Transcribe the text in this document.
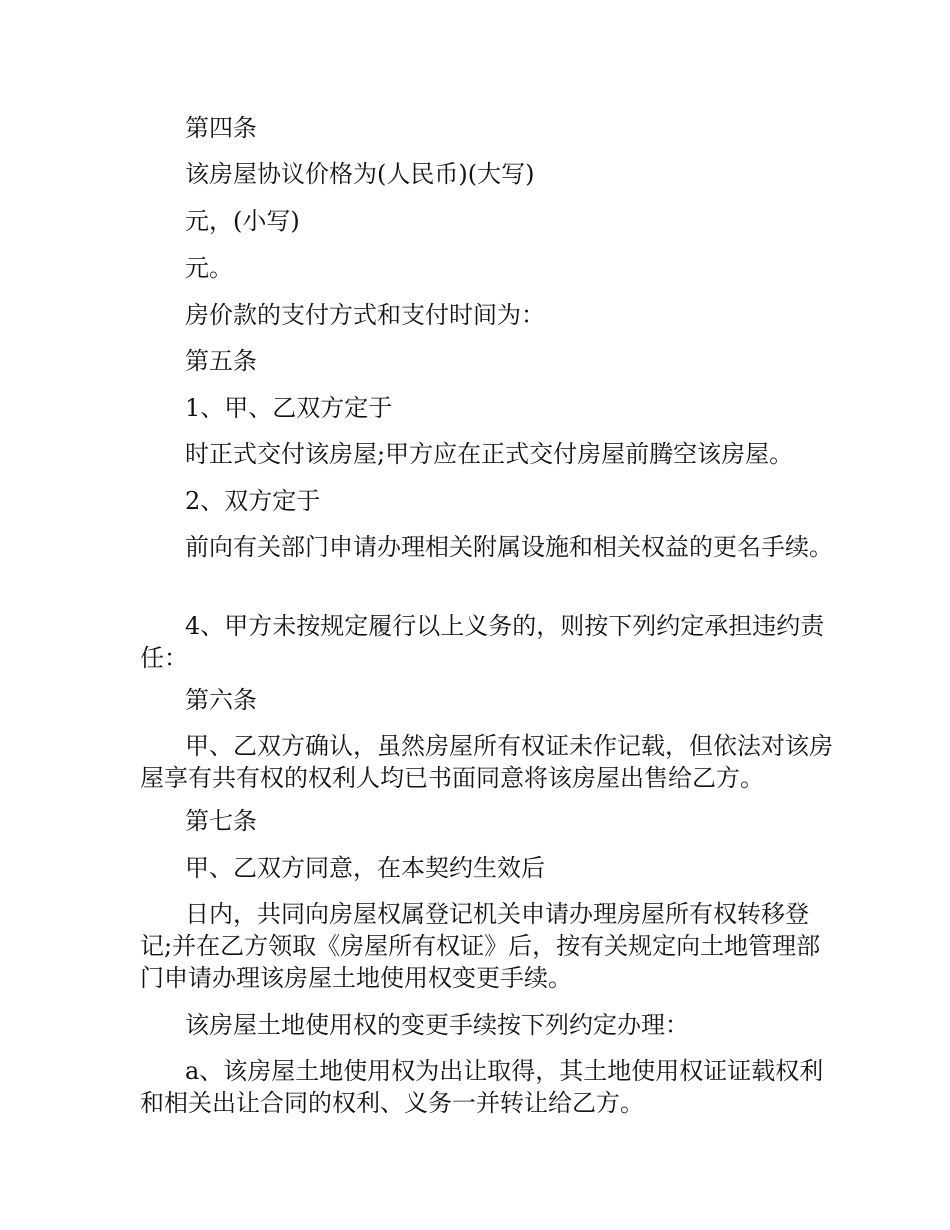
第四条

该房屋协议价格为(人民币)(大写)

元，(小写)

元。

房价款的支付方式和支付时间为：

第五条

1、甲、乙双方定于

时正式交付该房屋;甲方应在正式交付房屋前腾空该房屋。

2、双方定于

前向有关部门申请办理相关附属设施和相关权益的更名手续。

4、甲方未按规定履行以上义务的，则按下列约定承担违约责任：

第六条

甲、乙双方确认，虽然房屋所有权证未作记载，但依法对该房屋享有共有权的权利人均已书面同意将该房屋出售给乙方。

第七条

甲、乙双方同意，在本契约生效后

日内，共同向房屋权属登记机关申请办理房屋所有权转移登记;并在乙方领取《房屋所有权证》后，按有关规定向土地管理部门申请办理该房屋土地使用权变更手续。

该房屋土地使用权的变更手续按下列约定办理：

a、该房屋土地使用权为出让取得，其土地使用权证证载权利和相关出让合同的权利、义务一并转让给乙方。
